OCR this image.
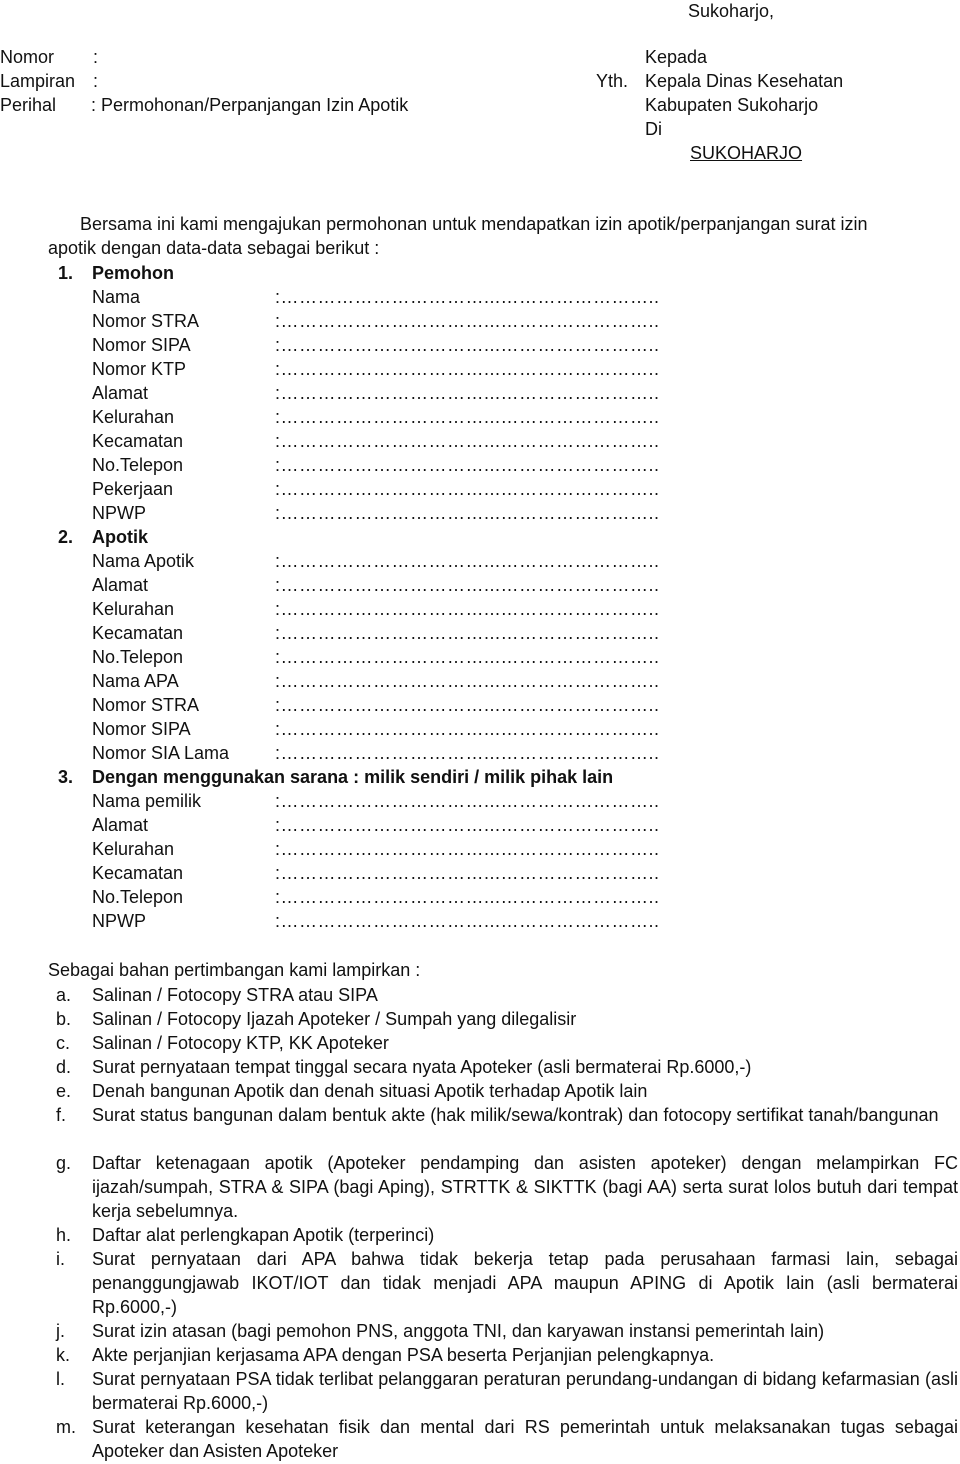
Sukoharjo,
Nomor :
Lampiran :
Perihal : Permohonan/Perpanjangan Izin Apotik
Kepada
Yth. Kepala Dinas Kesehatan
Kabupaten Sukoharjo
Di
SUKOHARJO
Bersama ini kami mengajukan permohonan untuk mendapatkan izin apotik/perpanjangan surat izin
apotik dengan data-data sebagai berikut :
1. Pemohon
Nama	:……………………………...……………………..
Nomor STRA	:……………………………...……………………..
Nomor SIPA	:……………………………...……………………..
Nomor KTP	:……………………………...……………………..
Alamat	:……………………………...……………………..
Kelurahan	:……………………………...……………………..
Kecamatan	:……………………………...……………………..
No.Telepon	:……………………………...……………………..
Pekerjaan	:……………………………...……………………..
NPWP	:……………………………...……………………..
2. Apotik
Nama Apotik	:……………………………...……………………..
Alamat	:……………………………...……………………..
Kelurahan	:……………………………...……………………..
Kecamatan	:……………………………...……………………..
No.Telepon	:……………………………...……………………..
Nama APA	:……………………………...……………………..
Nomor STRA	:……………………………...……………………..
Nomor SIPA	:……………………………...……………………..
Nomor SIA Lama	:……………………………...……………………..
3. Dengan menggunakan sarana : milik sendiri / milik pihak lain
Nama pemilik	:……………………………...……………………..
Alamat	:……………………………...……………………..
Kelurahan	:……………………………...……………………..
Kecamatan	:……………………………...……………………..
No.Telepon	:……………………………...……………………..
NPWP	:……………………………...……………………..
Sebagai bahan pertimbangan kami lampirkan :
a. Salinan / Fotocopy STRA atau SIPA
b. Salinan / Fotocopy Ijazah Apoteker / Sumpah yang dilegalisir
c. Salinan / Fotocopy KTP, KK Apoteker
d. Surat pernyataan tempat tinggal secara nyata Apoteker (asli bermaterai Rp.6000,-)
e. Denah bangunan Apotik dan denah situasi Apotik terhadap Apotik lain
f. Surat status bangunan dalam bentuk akte (hak milik/sewa/kontrak) dan fotocopy sertifikat tanah/bangunan
g. Daftar ketenagaan apotik (Apoteker pendamping dan asisten apoteker) dengan melampirkan FC ijazah/sumpah, STRA & SIPA (bagi Aping), STRTTK & SIKTTK (bagi AA) serta surat lolos butuh dari tempat kerja sebelumnya.
h. Daftar alat perlengkapan Apotik (terperinci)
i. Surat pernyataan dari APA bahwa tidak bekerja tetap pada perusahaan farmasi lain, sebagai penanggungjawab IKOT/IOT dan tidak menjadi APA maupun APING di Apotik lain (asli bermaterai Rp.6000,-)
j. Surat izin atasan (bagi pemohon PNS, anggota TNI, dan karyawan instansi pemerintah lain)
k. Akte perjanjian kerjasama APA dengan PSA beserta Perjanjian pelengkapnya.
l. Surat pernyataan PSA tidak terlibat pelanggaran peraturan perundang-undangan di bidang kefarmasian (asli bermaterai Rp.6000,-)
m. Surat keterangan kesehatan fisik dan mental dari RS pemerintah untuk melaksanakan tugas sebagai Apoteker dan Asisten Apoteker
